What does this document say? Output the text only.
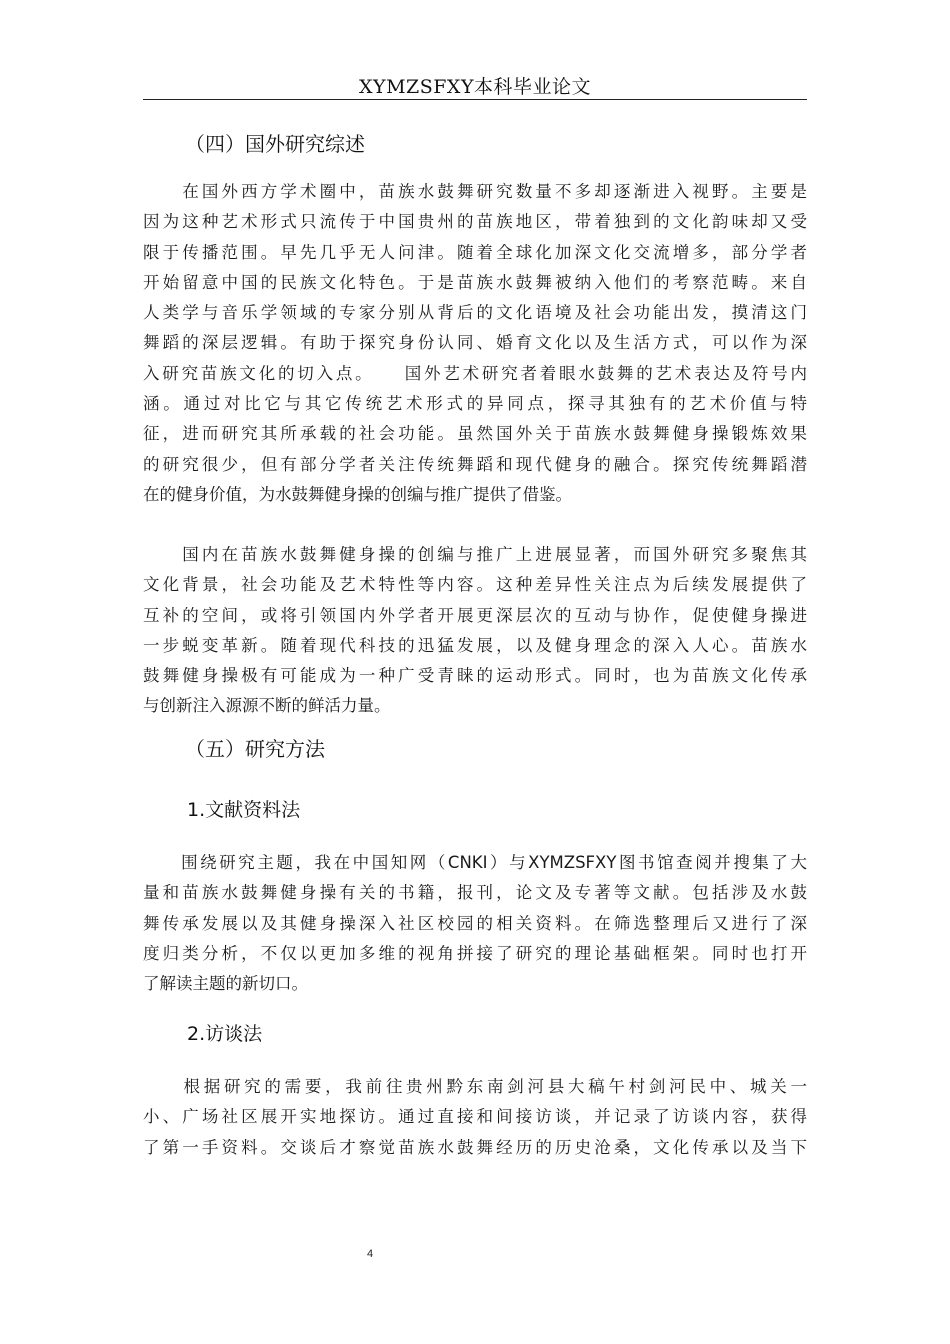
XYMZSFXY本科毕业论文
（四）国外研究综述
　　在国外西方学术圈中，苗族水鼓舞研究数量不多却逐渐进入视野。主要是
因为这种艺术形式只流传于中国贵州的苗族地区，带着独到的文化韵味却又受
限于传播范围。早先几乎无人问津。随着全球化加深文化交流增多，部分学者
开始留意中国的民族文化特色。于是苗族水鼓舞被纳入他们的考察范畴。来自
人类学与音乐学领域的专家分别从背后的文化语境及社会功能出发，摸清这门
舞蹈的深层逻辑。有助于探究身份认同、婚育文化以及生活方式，可以作为深
入研究苗族文化的切入点。　　国外艺术研究者着眼水鼓舞的艺术表达及符号内
涵。通过对比它与其它传统艺术形式的异同点，探寻其独有的艺术价值与特
征，进而研究其所承载的社会功能。虽然国外关于苗族水鼓舞健身操锻炼效果
的研究很少，但有部分学者关注传统舞蹈和现代健身的融合。探究传统舞蹈潜
在的健身价值，为水鼓舞健身操的创编与推广提供了借鉴。
　　国内在苗族水鼓舞健身操的创编与推广上进展显著，而国外研究多聚焦其
文化背景，社会功能及艺术特性等内容。这种差异性关注点为后续发展提供了
互补的空间，或将引领国内外学者开展更深层次的互动与协作，促使健身操进
一步蜕变革新。随着现代科技的迅猛发展，以及健身理念的深入人心。苗族水
鼓舞健身操极有可能成为一种广受青睐的运动形式。同时，也为苗族文化传承
与创新注入源源不断的鲜活力量。
（五）研究方法
1.文献资料法
　　围绕研究主题，我在中国知网（CNKI）与XYMZSFXY图书馆查阅并搜集了大
量和苗族水鼓舞健身操有关的书籍，报刊，论文及专著等文献。包括涉及水鼓
舞传承发展以及其健身操深入社区校园的相关资料。在筛选整理后又进行了深
度归类分析，不仅以更加多维的视角拼接了研究的理论基础框架。同时也打开
了解读主题的新切口。
2.访谈法
　　根据研究的需要，我前往贵州黔东南剑河县大稿午村剑河民中、城关一
小、广场社区展开实地探访。通过直接和间接访谈，并记录了访谈内容，获得
了第一手资料。交谈后才察觉苗族水鼓舞经历的历史沧桑，文化传承以及当下
4
